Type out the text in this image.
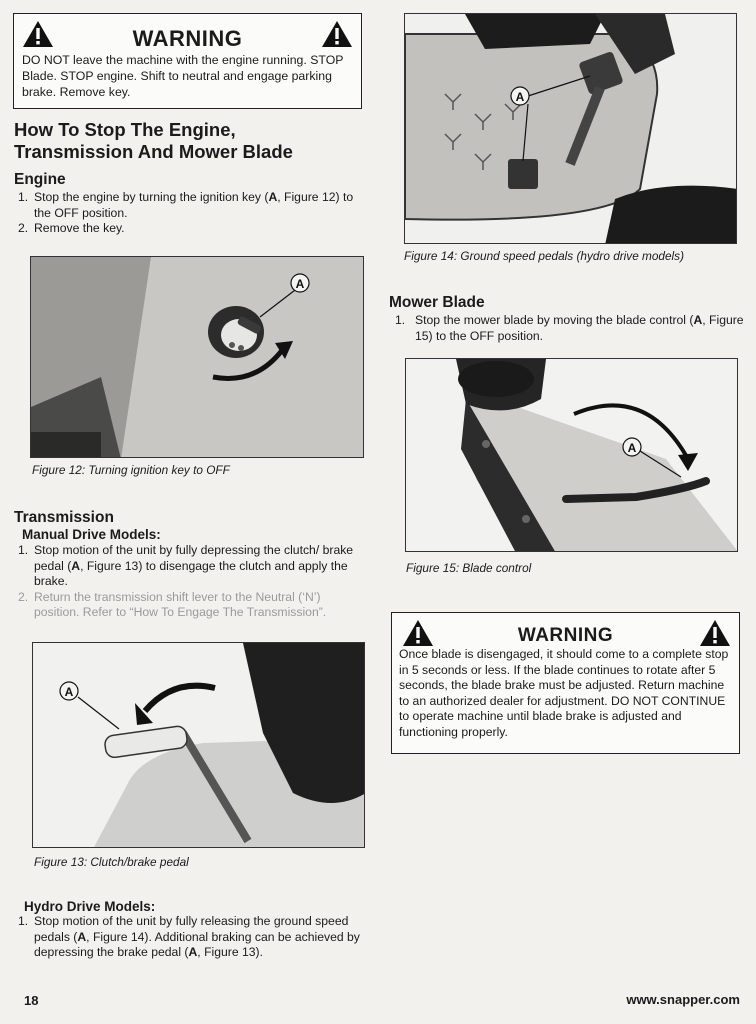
WARNING
DO NOT leave the machine with the engine running. STOP Blade. STOP engine. Shift to neutral and engage parking brake. Remove key.
How To Stop The Engine,
Transmission And Mower Blade
Engine
1. Stop the engine by turning the ignition key (A, Figure 12) to the OFF position.
2. Remove the key.
A
Figure 12: Turning ignition key to OFF
Transmission
Manual Drive Models:
1. Stop motion of the unit by fully depressing the clutch/ brake pedal (A, Figure 13) to disengage the clutch and apply the brake.
2. Return the transmission shift lever to the Neutral (‘N’) position. Refer to “How To Engage The Transmission”.
A
Figure 13: Clutch/brake pedal
Hydro Drive Models:
1. Stop motion of the unit by fully releasing the ground speed pedals (A, Figure 14). Additional braking can be achieved by depressing the brake pedal (A, Figure 13).
A
Figure 14: Ground speed pedals (hydro drive models)
Mower Blade
1. Stop the mower blade by moving the blade control (A, Figure 15) to the OFF position.
A
Figure 15: Blade control
WARNING
Once blade is disengaged, it should come to a complete stop in 5 seconds or less. If the blade continues to rotate after 5 seconds, the blade brake must be adjusted. Return machine to an authorized dealer for adjustment. DO NOT CONTINUE to operate machine until blade brake is adjusted and functioning properly.
18	www.snapper.com
